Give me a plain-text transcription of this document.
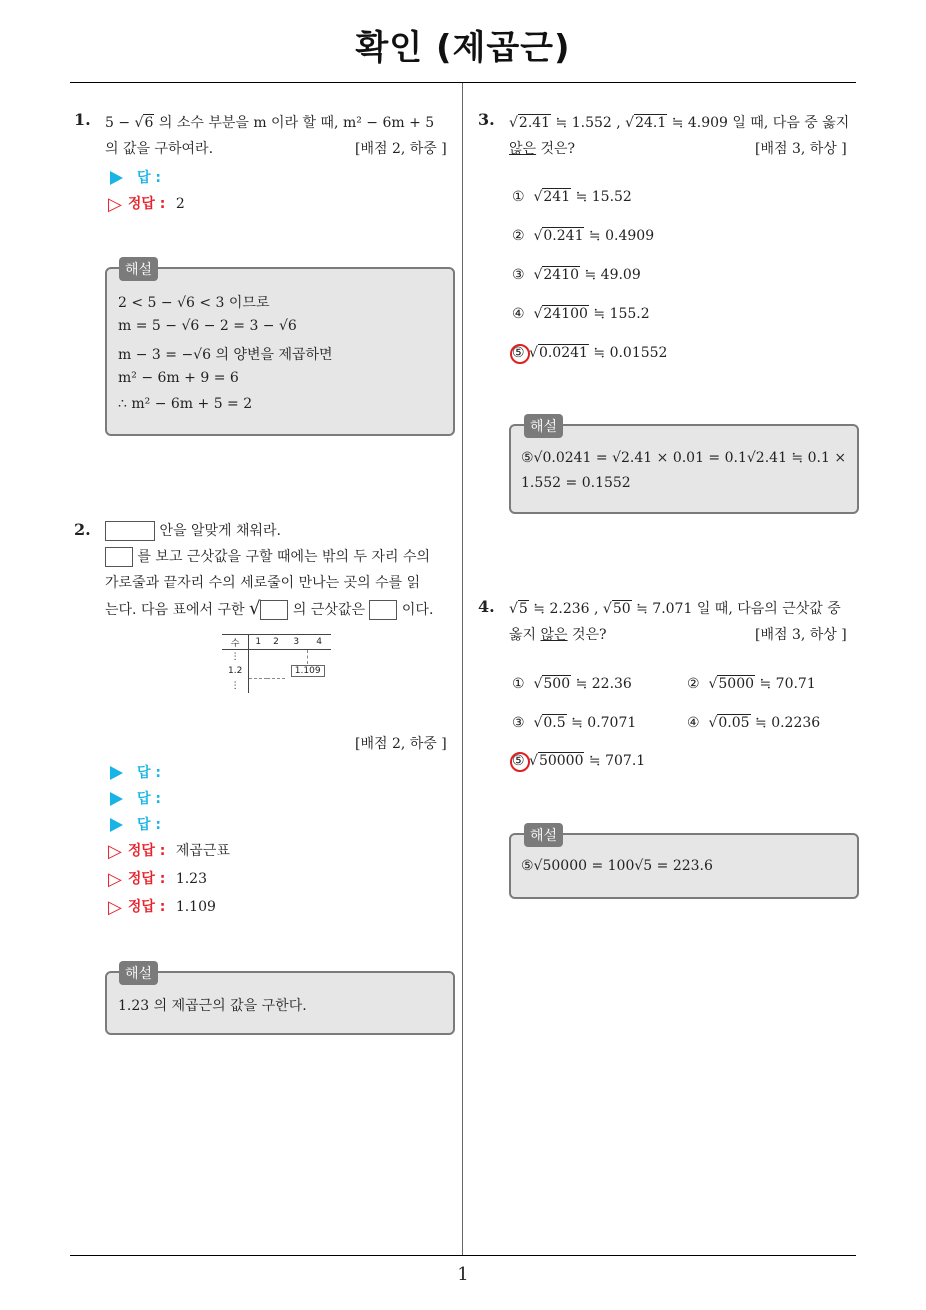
확인 (제곱근)
1. 5 − √6 의 소수 부분을 m 이라 할 때, m² − 6m + 5
의 값을 구하여라.	[배점 2, 하중 ]
답 :
▷ 정답 : 2
해설
2 < 5 − √6 < 3 이므로
m = 5 − √6 − 2 = 3 − √6
m − 3 = −√6 의 양변을 제곱하면
m² − 6m + 9 = 6
∴ m² − 6m + 5 = 2
2.	안을 알맞게 채워라.
를 보고 근삿값을 구할 때에는 밖의 두 자리 수의
가로줄과 끝자리 수의 세로줄이 만나는 곳의 수를 읽
는다. 다음 표에서 구한 √ 의 근삿값은	이다.
수	1	2	3	4
⋮				
1.2			1.109	
⋮				
[배점 2, 하중 ]
답 :
답 :
답 :
▷ 정답 : 제곱근표
▷ 정답 : 1.23
▷ 정답 : 1.109
해설
1.23 의 제곱근의 값을 구한다.
3. √2.41 ≒ 1.552 , √24.1 ≒ 4.909 일 때, 다음 중 옳지
않은 것은?	[배점 3, 하상 ]
① √241 ≒ 15.52
② √0.241 ≒ 0.4909
③ √2410 ≒ 49.09
④ √24100 ≒ 155.2
⑤ √0.0241 ≒ 0.01552
해설
⑤√0.0241 = √2.41 × 0.01 = 0.1√2.41 ≒ 0.1 ×
1.552 = 0.1552
4. √5 ≒ 2.236 , √50 ≒ 7.071 일 때, 다음의 근삿값 중
옳지 않은 것은?	[배점 3, 하상 ]
① √500 ≒ 22.36	② √5000 ≒ 70.71
③ √0.5 ≒ 0.7071	④ √0.05 ≒ 0.2236
⑤ √50000 ≒ 707.1
해설
⑤√50000 = 100√5 = 223.6
1
